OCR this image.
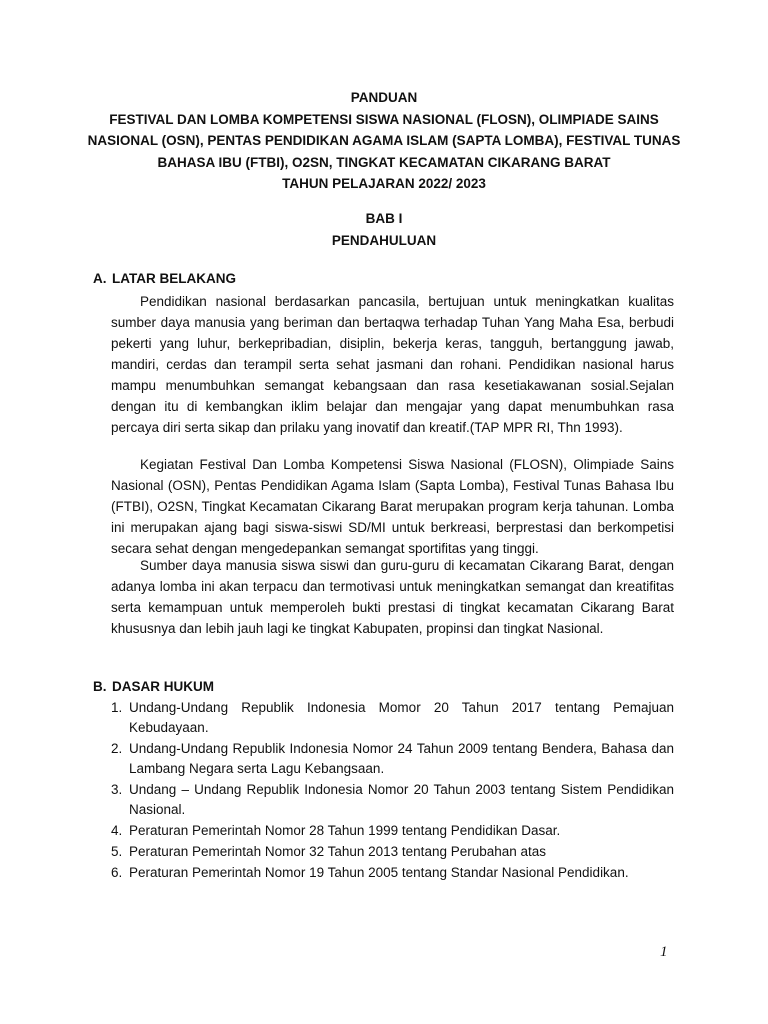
PANDUAN
FESTIVAL DAN LOMBA KOMPETENSI SISWA NASIONAL (FLOSN), OLIMPIADE SAINS
NASIONAL (OSN), PENTAS PENDIDIKAN AGAMA ISLAM (SAPTA LOMBA), FESTIVAL TUNAS
BAHASA IBU (FTBI), O2SN, TINGKAT KECAMATAN CIKARANG BARAT
TAHUN PELAJARAN 2022/ 2023
BAB I
PENDAHULUAN
A. LATAR BELAKANG

Pendidikan nasional berdasarkan pancasila, bertujuan untuk meningkatkan kualitas sumber daya manusia yang beriman dan bertaqwa terhadap Tuhan Yang Maha Esa, berbudi pekerti yang luhur, berkepribadian, disiplin, bekerja keras, tangguh, bertanggung jawab, mandiri, cerdas dan terampil serta sehat jasmani dan rohani. Pendidikan nasional harus mampu menumbuhkan semangat kebangsaan dan rasa kesetiakawanan sosial.Sejalan dengan itu di kembangkan iklim belajar dan mengajar yang dapat menumbuhkan rasa percaya diri serta sikap dan prilaku yang inovatif dan kreatif.(TAP MPR RI, Thn 1993).

Kegiatan Festival Dan Lomba Kompetensi Siswa Nasional (FLOSN), Olimpiade Sains Nasional (OSN), Pentas Pendidikan Agama Islam (Sapta Lomba), Festival Tunas Bahasa Ibu (FTBI), O2SN, Tingkat Kecamatan Cikarang Barat merupakan program kerja tahunan. Lomba ini merupakan ajang bagi siswa-siswi SD/MI untuk berkreasi, berprestasi dan berkompetisi secara sehat dengan mengedepankan semangat sportifitas yang tinggi.

Sumber daya manusia siswa siswi dan guru-guru di kecamatan Cikarang Barat, dengan adanya lomba ini akan terpacu dan termotivasi untuk meningkatkan semangat dan kreatifitas serta kemampuan untuk memperoleh bukti prestasi di tingkat kecamatan Cikarang Barat khususnya dan lebih jauh lagi ke tingkat Kabupaten, propinsi dan tingkat Nasional.

B. DASAR HUKUM
1. Undang-Undang Republik Indonesia Momor 20 Tahun 2017 tentang Pemajuan Kebudayaan.
2. Undang-Undang Republik Indonesia Nomor 24 Tahun 2009 tentang Bendera, Bahasa dan Lambang Negara serta Lagu Kebangsaan.
3. Undang – Undang Republik Indonesia Nomor 20 Tahun 2003 tentang Sistem Pendidikan Nasional.
4. Peraturan Pemerintah Nomor 28 Tahun 1999 tentang Pendidikan Dasar.
5. Peraturan Pemerintah Nomor 32 Tahun 2013 tentang Perubahan atas
6. Peraturan Pemerintah Nomor 19 Tahun 2005 tentang Standar Nasional Pendidikan.
1
